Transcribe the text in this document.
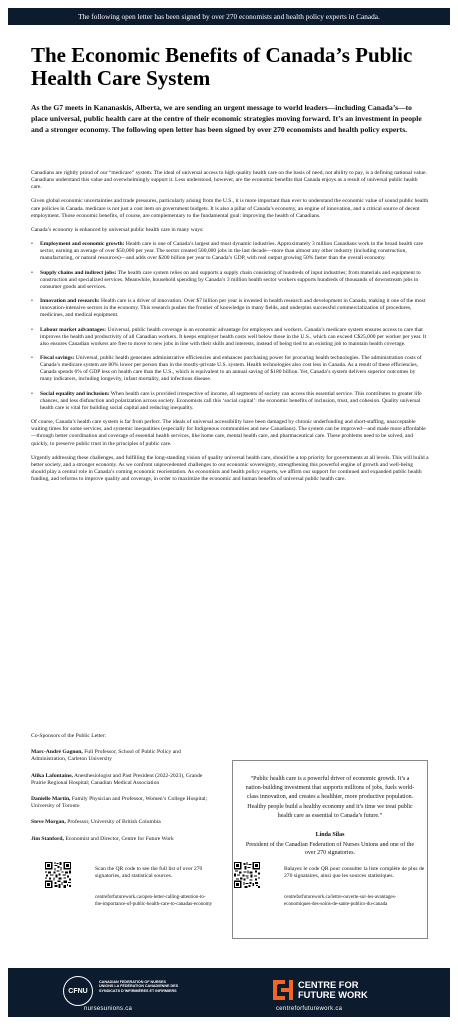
The following open letter has been signed by over 270 economists and health policy experts in Canada.
The Economic Benefits of Canada’s Public Health Care System
As the G7 meets in Kananaskis, Alberta, we are sending an urgent message to world leaders—including Canada’s—to place universal, public health care at the centre of their economic strategies moving forward. It’s an investment in people and a stronger economy. The following open letter has been signed by over 270 economists and health policy experts.

Canadians are rightly proud of our “medicare” system. The ideal of universal access to high quality health care on the basis of need, not ability to pay, is a defining national value. Canadians understand this value and overwhelmingly support it. Less understood, however, are the economic benefits that Canada enjoys as a result of universal public health care.

Given global economic uncertainties and trade pressures, particularly arising from the U.S., it is more important than ever to understand the economic value of sound public health care policies in Canada. medicare is not just a cost item on government budgets. It is also a pillar of Canada’s economy, an engine of innovation, and a critical source of decent employment. Those economic benefits, of course, are complementary to the fundamental goal: improving the health of Canadians.

Canada’s economy is enhanced by universal public health care in many ways:

• Employment and economic growth: Health care is one of Canada’s largest and most dynamic industries. Approximately 3 million Canadians work in the broad health care sector, earning an average of over $50,000 per year. The sector created 500,000 jobs in the last decade—more than almost any other industry (including construction, manufacturing, or natural resources)—and adds over $200 billion per year to Canada’s GDP, with real output growing 50% faster than the overall economy.
• Supply chains and indirect jobs: The health care system relies on and supports a supply chain consisting of hundreds of input industries; from materials and equipment to construction and specialized services. Meanwhile, household spending by Canada’s 3 million health sector workers supports hundreds of thousands of downstream jobs in consumer goods and services.
• Innovation and research: Health care is a driver of innovation. Over $7 billion per year is invested in health research and development in Canada, making it one of the most innovation-intensive sectors in the economy. This research pushes the frontier of knowledge in many fields, and underpins successful commercialization of procedures, medicines, and medical equipment.
• Labour market advantages: Universal, public health coverage is an economic advantage for employers and workers. Canada’s medicare system ensures access to care that improves the health and productivity of all Canadian workers. It keeps employer health costs well below those in the U.S., which can exceed C$25,000 per worker per year. It also ensures Canadian workers are free to move to new jobs in line with their skills and interests, instead of being tied to an existing job to maintain health coverage.
• Fiscal savings: Universal, public health generates administrative efficiencies and enhances purchasing power for procuring health technologies. The administration costs of Canada’s medicare system are 80% lower per person than in the mostly-private U.S. system. Health technologies also cost less in Canada. As a result of these efficiencies, Canada spends 6% of GDP less on health care than the U.S., which is equivalent to an annual saving of $180 billion. Yet, Canada’s system delivers superior outcomes by many indicators, including longevity, infant mortality, and infectious disease.
• Social equality and inclusion: When health care is provided irrespective of income, all segments of society can access this essential service. This contributes to greater life chances, and less disfunction and polarization across society. Economists call this ‘social capital’: the economic benefits of inclusion, trust, and cohesion. Quality universal health care is vital for building social capital and reducing inequality.

Of course, Canada’s health care system is far from perfect. The ideals of universal accessibility have been damaged by chronic underfunding and short-staffing, unacceptable waiting times for some services, and systemic inequalities (especially for Indigenous communities and new Canadians). The system can be improved—and made more affordable—through better coordination and coverage of essential health services, like home care, mental health care, and pharmaceutical care. These problems need to be solved, and quickly, to preserve public trust in the principles of public care.

Urgently addressing these challenges, and fulfilling the long-standing vision of quality universal health care, should be a top priority for governments at all levels. This will build a better society, and a stronger economy. As we confront unprecedented challenges to our economic sovereignty, strengthening this powerful engine of growth and well-being should play a central role in Canada’s coming economic reorientation. As economists and health policy experts, we affirm our support for continued and expanded public health funding, and reforms to improve quality and coverage, in order to maximize the economic and human benefits of universal public health care.

Co-Sponsors of the Public Letter:
Marc-André Gagnon, Full Professor, School of Public Policy and Administration, Carleton University
Alika Lafontaine, Anesthesiologist and Past President (2022-2023), Grande Prairie Regional Hospital; Canadian Medical Association
Danielle Martin, Family Physician and Professor, Women’s College Hospital; University of Toronto
Steve Morgan, Professor, University of British Columbia
Jim Stanford, Economist and Director, Centre for Future Work
“Public health care is a powerful driver of economic growth. It’s a nation-building investment that supports millions of jobs, fuels world-class innovation, and creates a healthier, more productive population. Healthy people build a healthy economy and it’s time we treat public health care as essential to Canada’s future.”
Linda Silas
President of the Canadian Federation of Nurses Unions and one of the over 270 signatories.
Scan the QR code to see the full list of over 270 signatories, and statistical sources.
centreforfuturework.ca/open-letter-calling-attention-to-the-importance-of-public-health-care-to-canadas-economy
Balayez le code QR pour consulter la liste complète de plus de 270 signataires, ainsi que les sources statistiques.
centreforfuturework.ca/lettre-ouverte-sur-les-avantages-economiques-des-soins-de-sante-publics-du-canada
CFNU
CANADIAN FEDERATION OF NURSES UNIONS LA FÉDÉRATION CANADIENNE DES SYNDICATS D’INFIRMIÈRES ET INFIRMIERS
nursesunions.ca
CENTRE FOR
FUTURE WORK
centreforfuturework.ca
